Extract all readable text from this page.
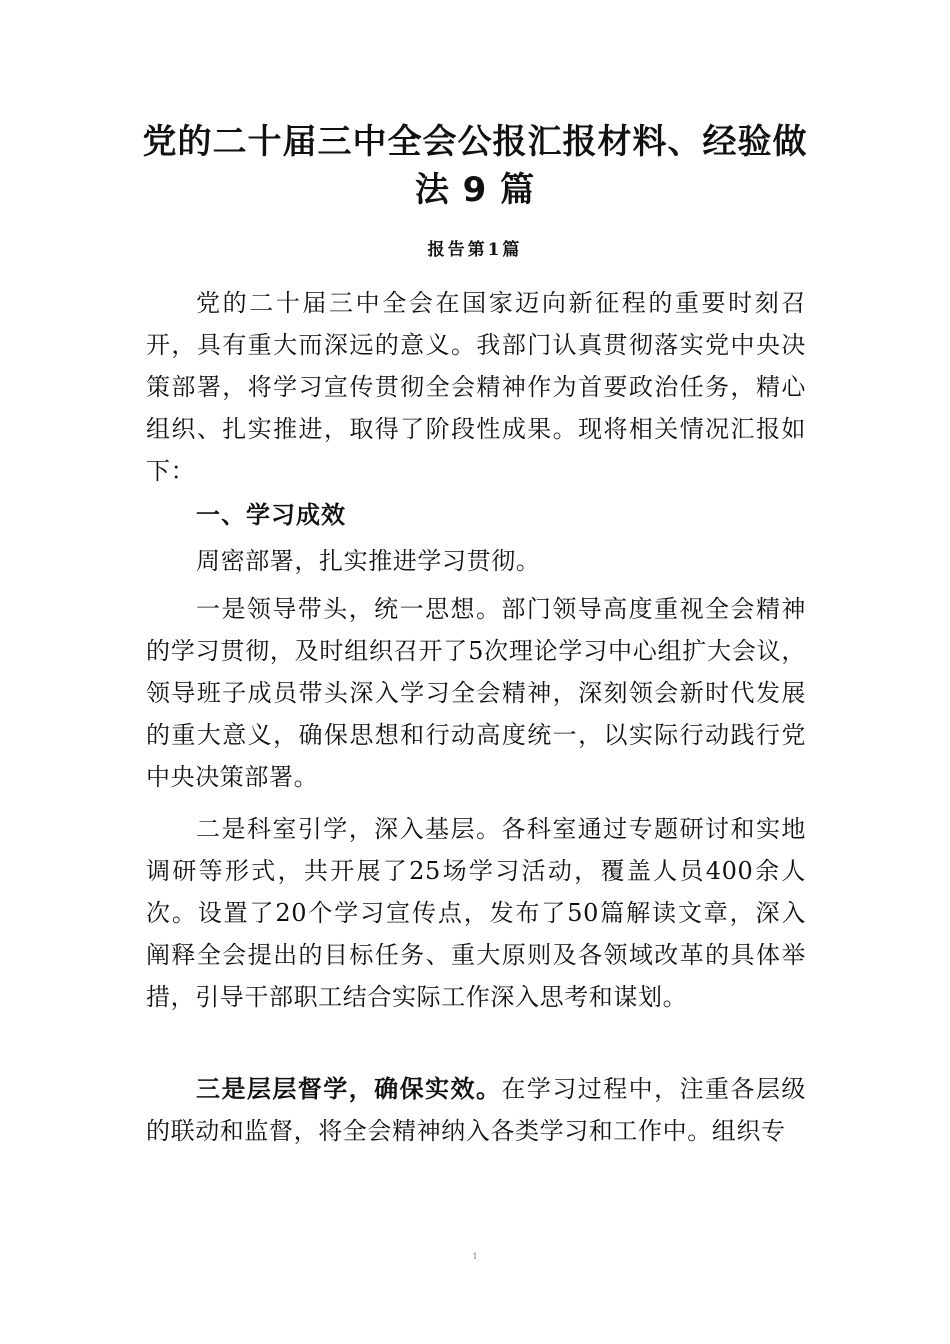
党的二十届三中全会公报汇报材料、经验做法 9 篇
报告第1篇

党的二十届三中全会在国家迈向新征程的重要时刻召开，具有重大而深远的意义。我部门认真贯彻落实党中央决策部署，将学习宣传贯彻全会精神作为首要政治任务，精心组织、扎实推进，取得了阶段性成果。现将相关情况汇报如下：

一、学习成效

周密部署，扎实推进学习贯彻。

一是领导带头，统一思想。部门领导高度重视全会精神的学习贯彻，及时组织召开了5次理论学习中心组扩大会议， 领导班子成员带头深入学习全会精神，深刻领会新时代发展 的重大意义，确保思想和行动高度统一，以实际行动践行党 中央决策部署。

二是科室引学，深入基层。各科室通过专题研讨和实地调研等形式，共开展了25场学习活动，覆盖人员400余人 次。设置了20个学习宣传点，发布了50篇解读文章，深入 阐释全会提出的目标任务、重大原则及各领域改革的具体举 措，引导干部职工结合实际工作深入思考和谋划。

三是层层督学，确保实效。在学习过程中，注重各层级的联动和监督，将全会精神纳入各类学习和工作中。组织专

1
